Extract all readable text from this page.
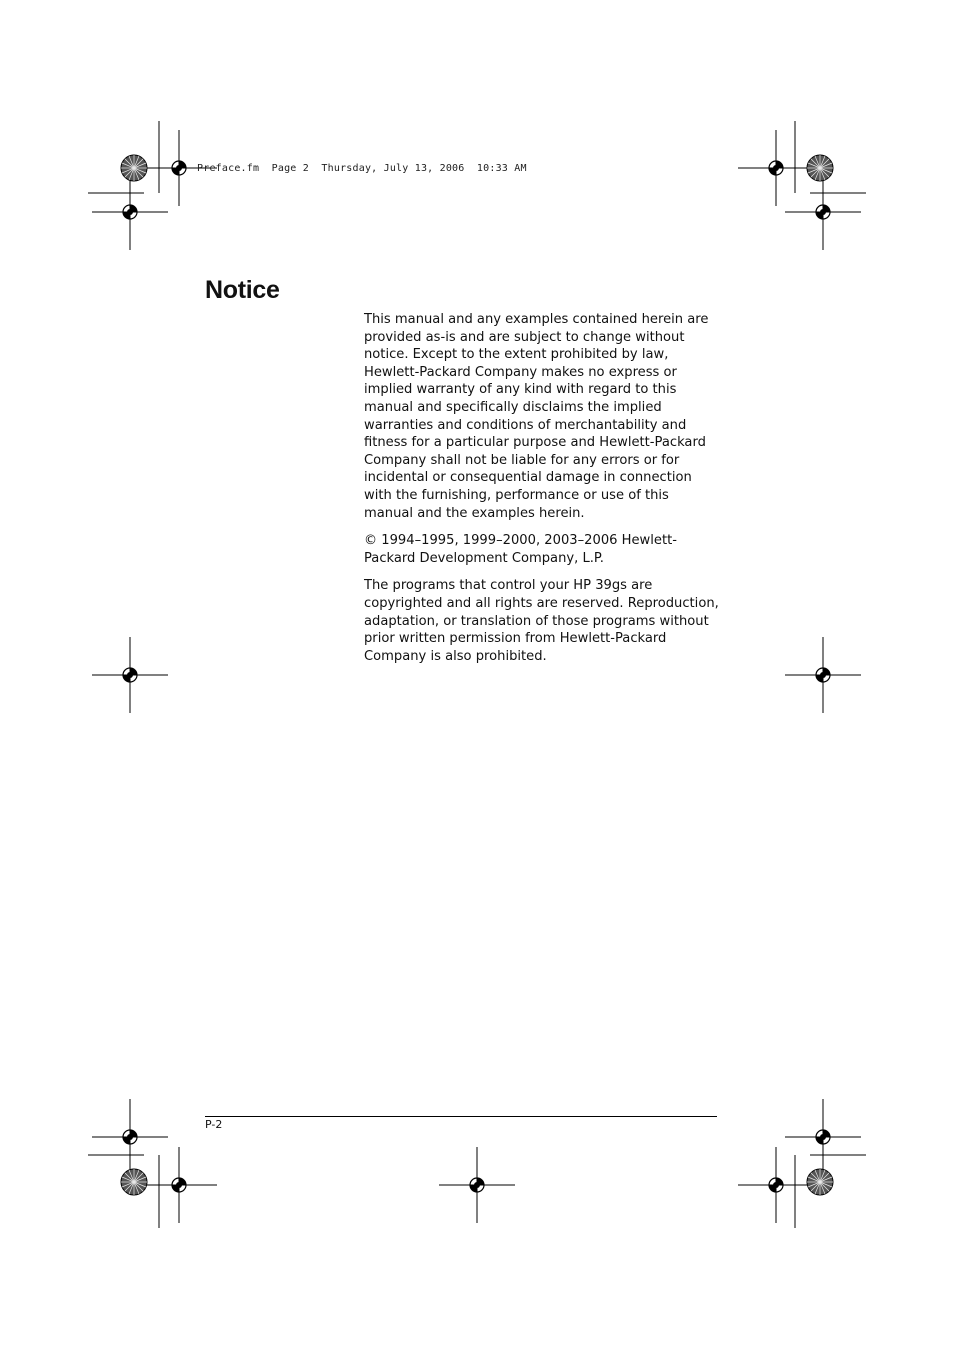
Preface.fm  Page 2  Thursday, July 13, 2006  10:33 AM
Notice

This manual and any examples contained herein are provided as-is and are subject to change without notice. Except to the extent prohibited by law, Hewlett-Packard Company makes no express or implied warranty of any kind with regard to this manual and specifically disclaims the implied warranties and conditions of merchantability and fitness for a particular purpose and Hewlett-Packard Company shall not be liable for any errors or for incidental or consequential damage in connection with the furnishing, performance or use of this manual and the examples herein.

© 1994–1995, 1999–2000, 2003–2006 Hewlett-Packard Development Company, L.P.

The programs that control your HP 39gs are copyrighted and all rights are reserved. Reproduction, adaptation, or translation of those programs without prior written permission from Hewlett-Packard Company is also prohibited.

P-2
